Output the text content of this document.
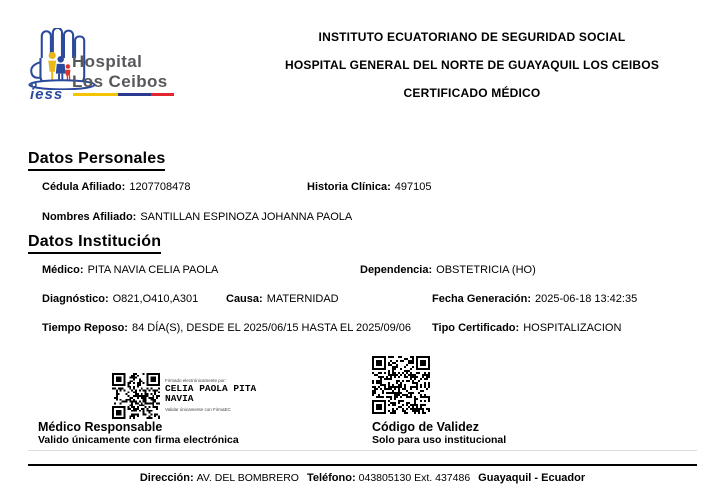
iess
Hospital
Los Ceibos
INSTITUTO ECUATORIANO DE SEGURIDAD SOCIAL
HOSPITAL GENERAL DEL NORTE DE GUAYAQUIL LOS CEIBOS
CERTIFICADO MÉDICO
Datos Personales
Cédula Afiliado: 1207708478	Historia Clínica: 497105
Nombres Afiliado: SANTILLAN ESPINOZA JOHANNA PAOLA
Datos Institución
Médico: PITA NAVIA CELIA PAOLA	Dependencia: OBSTETRICIA (HO)
Diagnóstico: O821,O410,A301	Causa: MATERNIDAD	Fecha Generación: 2025-06-18 13:42:35
Tiempo Reposo: 84 DÍA(S), DESDE EL 2025/06/15 HASTA EL 2025/09/06 Tipo Certificado: HOSPITALIZACION
Firmado electrónicamente por:
CELIA PAOLA PITA NAVIA
Validar únicamente con FirmaEC
Médico Responsable
Valido únicamente con firma electrónica
Código de Validez
Solo para uso institucional
Dirección: AV. DEL BOMBRERO Teléfono: 043805130 Ext. 437486 Guayaquil - Ecuador
